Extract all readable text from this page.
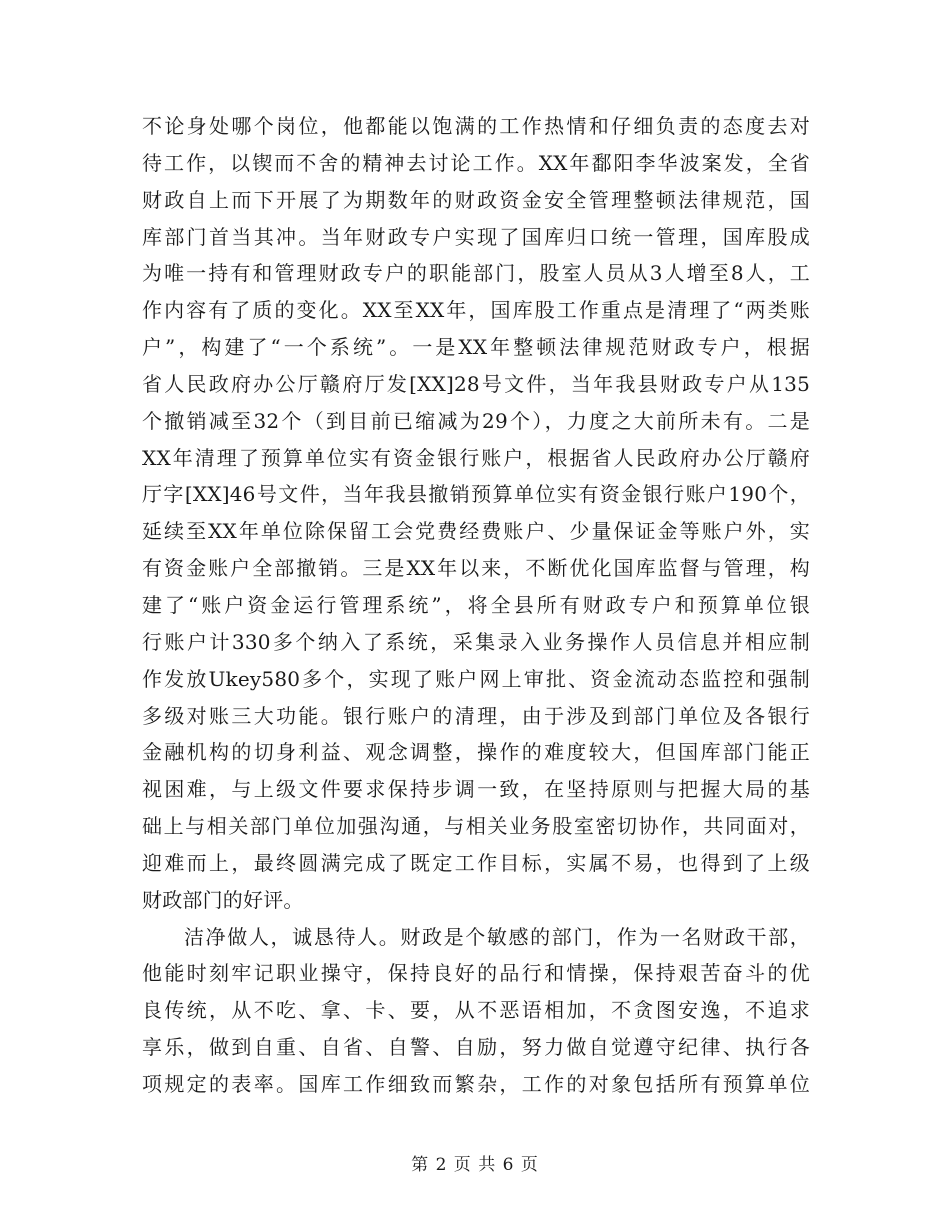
不论身处哪个岗位，他都能以饱满的工作热情和仔细负责的态度去对
待工作，以锲而不舍的精神去讨论工作。XX年鄱阳李华波案发，全省
财政自上而下开展了为期数年的财政资金安全管理整顿法律规范，国
库部门首当其冲。当年财政专户实现了国库归口统一管理，国库股成
为唯一持有和管理财政专户的职能部门，股室人员从3人增至8人，工
作内容有了质的变化。XX至XX年，国库股工作重点是清理了“两类账
户”，构建了“一个系统”。一是XX年整顿法律规范财政专户，根据
省人民政府办公厅赣府厅发[XX]28号文件，当年我县财政专户从135
个撤销减至32个（到目前已缩减为29个），力度之大前所未有。二是
XX年清理了预算单位实有资金银行账户，根据省人民政府办公厅赣府
厅字[XX]46号文件，当年我县撤销预算单位实有资金银行账户190个，
延续至XX年单位除保留工会党费经费账户、少量保证金等账户外，实
有资金账户全部撤销。三是XX年以来，不断优化国库监督与管理，构
建了“账户资金运行管理系统”，将全县所有财政专户和预算单位银
行账户计330多个纳入了系统，采集录入业务操作人员信息并相应制
作发放Ukey580多个，实现了账户网上审批、资金流动态监控和强制
多级对账三大功能。银行账户的清理，由于涉及到部门单位及各银行
金融机构的切身利益、观念调整，操作的难度较大，但国库部门能正
视困难，与上级文件要求保持步调一致，在坚持原则与把握大局的基
础上与相关部门单位加强沟通，与相关业务股室密切协作，共同面对，
迎难而上，最终圆满完成了既定工作目标，实属不易，也得到了上级
财政部门的好评。
洁净做人，诚恳待人。财政是个敏感的部门，作为一名财政干部，
他能时刻牢记职业操守，保持良好的品行和情操，保持艰苦奋斗的优
良传统，从不吃、拿、卡、要，从不恶语相加，不贪图安逸，不追求
享乐，做到自重、自省、自警、自励，努力做自觉遵守纪律、执行各
项规定的表率。国库工作细致而繁杂，工作的对象包括所有预算单位
第 2 页 共 6 页
